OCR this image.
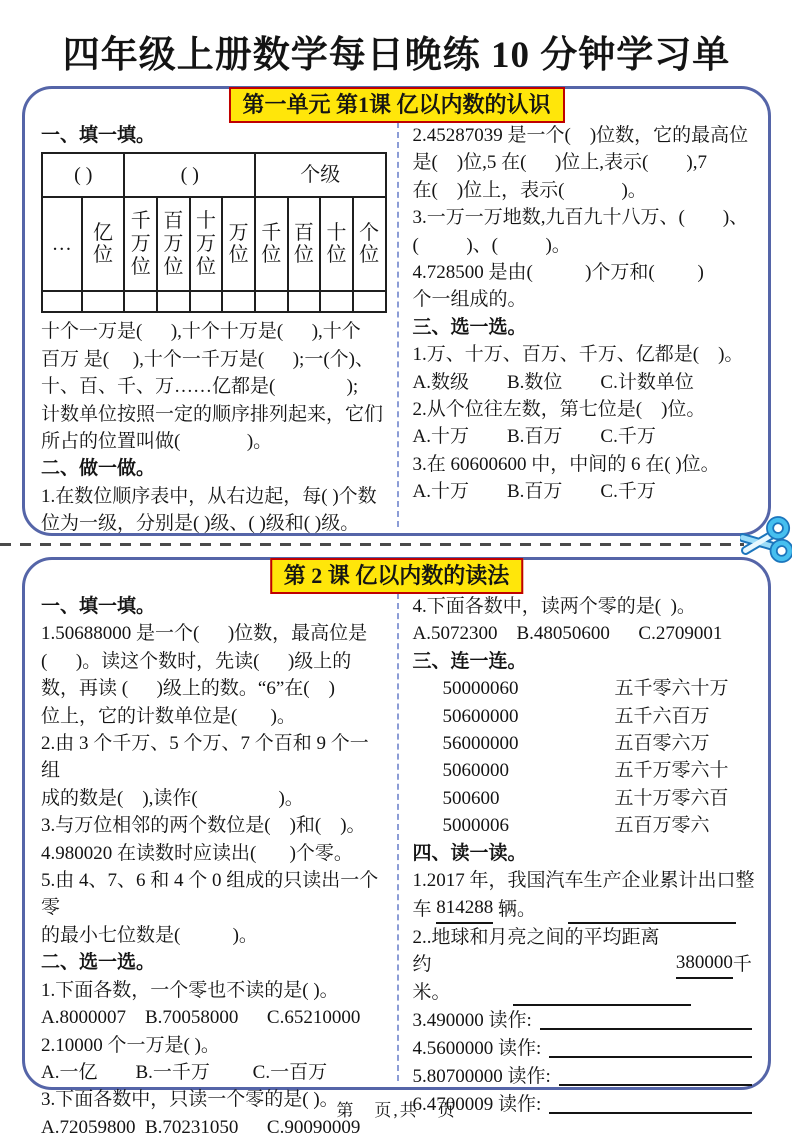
四年级上册数学每日晚练 10 分钟学习单
第一单元 第1课 亿以内数的认识
一、填一填。
( )		( )				个级			
…	亿位	千万位	百万位	十万位	万位	千位	百位	十位	个位

十个一万是(      ),十个十万是(      ),十个
百万 是(     ),十个一千万是(      );一(个)、
十、百、千、万……亿都是(               );
计数单位按照一定的顺序排列起来，它们
所占的位置叫做(              )。
二、做一做。
1.在数位顺序表中，从右边起，每( )个数
位为一级，分别是( )级、( )级和( )级。
2.45287039 是一个(    )位数，它的最高位
是(    )位,5 在(      )位上,表示(        ),7
在(    )位上，表示(            )。
3.一万一万地数,九百九十八万、(        )、
(          )、(          )。
4.728500 是由(           )个万和(         )
个一组成的。
三、选一选。
1.万、十万、百万、千万、亿都是(    )。
A.数级        B.数位        C.计数单位
2.从个位往左数，第七位是(    )位。
A.十万        B.百万        C.千万
3.在 60600600 中，中间的 6 在( )位。
A.十万        B.百万        C.千万
第 2 课 亿以内数的读法
一、填一填。
1.50688000 是一个(      )位数，最高位是
(      )。读这个数时，先读(      )级上的
数，再读 (      )级上的数。“6”在(    )
位上，它的计数单位是(       )。
2.由 3 个千万、5 个万、7 个百和 9 个一组
成的数是(    ),读作(                 )。
3.与万位相邻的两个数位是(    )和(    )。
4.980020 在读数时应读出(       )个零。
5.由 4、7、6 和 4 个 0 组成的只读出一个零
的最小七位数是(           )。
二、选一选。
1.下面各数，一个零也不读的是( )。
A.8000007    B.70058000      C.65210000
2.10000 个一万是( )。
A.一亿        B.一千万         C.一百万
3.下面各数中，只读一个零的是( )。
A.72059800  B.70231050      C.90090009
4.下面各数中，读两个零的是(  )。
A.5072300    B.48050600      C.2709001
三、连一连。
50000060	五千零六十万
50600000	五千六百万
56000000	五百零六万
5060000	五千万零六十
500600	五十万零六百
5000006	五百万零六
四、读一读。
1.2017 年，我国汽车生产企业累计出口整
车 814288 辆。
2..地球和月亮之间的平均距离约	380000
千
米。
3.490000 读作:
4.5600000 读作:
5.80700000 读作:
6.4700009 读作:
第　页,共　页
